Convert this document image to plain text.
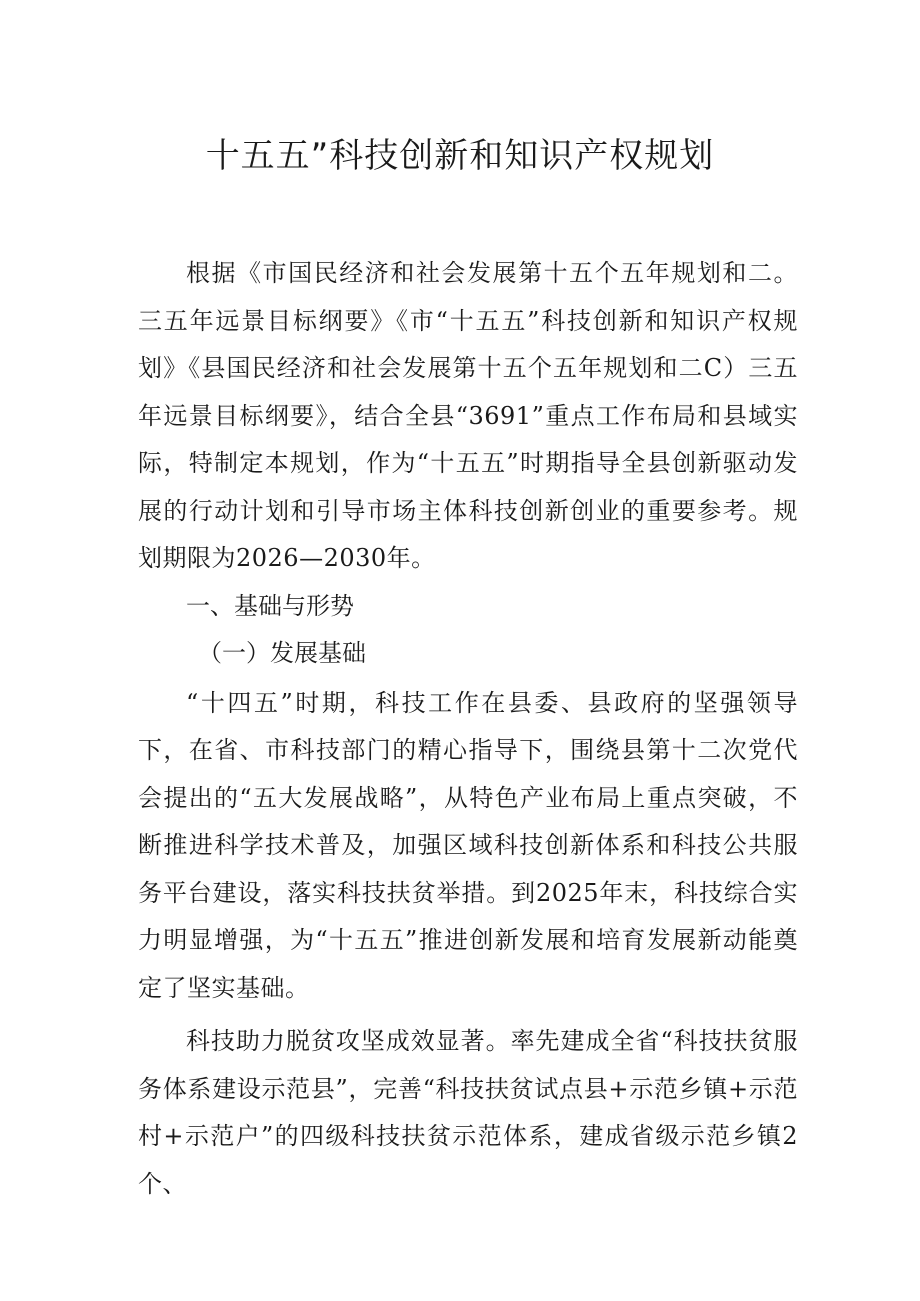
十五五”科技创新和知识产权规划

根据《市国民经济和社会发展第十五个五年规划和二。三五年远景目标纲要》《市“十五五”科技创新和知识产权规划》《县国民经济和社会发展第十五个五年规划和二C）三五年远景目标纲要》，结合全县“3691”重点工作布局和县域实际，特制定本规划，作为“十五五”时期指导全县创新驱动发展的行动计划和引导市场主体科技创新创业的重要参考。规划期限为2026—2030年。

一、基础与形势

（一）发展基础

“十四五”时期，科技工作在县委、县政府的坚强领导下，在省、市科技部门的精心指导下，围绕县第十二次党代会提出的“五大发展战略”，从特色产业布局上重点突破，不断推进科学技术普及，加强区域科技创新体系和科技公共服务平台建设，落实科技扶贫举措。到2025年末，科技综合实力明显增强，为“十五五”推进创新发展和培育发展新动能奠定了坚实基础。

科技助力脱贫攻坚成效显著。率先建成全省“科技扶贫服务体系建设示范县”，完善“科技扶贫试点县+示范乡镇+示范村+示范户”的四级科技扶贫示范体系，建成省级示范乡镇2个、
